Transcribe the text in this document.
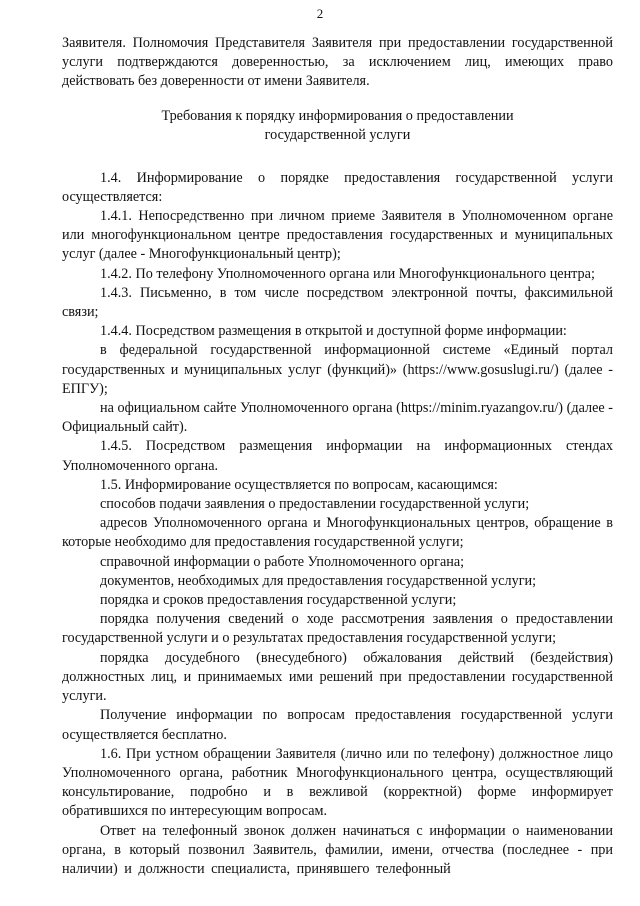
2

Заявителя. Полномочия Представителя Заявителя при предоставлении государственной услуги подтверждаются доверенностью, за исключением лиц, имеющих право действовать без доверенности от имени Заявителя.

Требования к порядку информирования о предоставлении
государственной услуги

1.4. Информирование о порядке предоставления государственной услуги осуществляется:

1.4.1. Непосредственно при личном приеме Заявителя в Уполномоченном органе или многофункциональном центре предоставления государственных и муниципальных услуг (далее - Многофункциональный центр);

1.4.2. По телефону Уполномоченного органа или Многофункционального центра;

1.4.3. Письменно, в том числе посредством электронной почты, факсимильной связи;

1.4.4. Посредством размещения в открытой и доступной форме информации:

в федеральной государственной информационной системе «Единый портал государственных и муниципальных услуг (функций)» (https://www.gosuslugi.ru/) (далее - ЕПГУ);

на официальном сайте Уполномоченного органа (https://minim.ryazangov.ru/) (далее - Официальный сайт).

1.4.5. Посредством размещения информации на информационных стендах Уполномоченного органа.

1.5. Информирование осуществляется по вопросам, касающимся:

способов подачи заявления о предоставлении государственной услуги;

адресов Уполномоченного органа и Многофункциональных центров, обращение в которые необходимо для предоставления государственной услуги;

справочной информации о работе Уполномоченного органа;

документов, необходимых для предоставления государственной услуги;

порядка и сроков предоставления государственной услуги;

порядка получения сведений о ходе рассмотрения заявления о предоставлении государственной услуги и о результатах предоставления государственной услуги;

порядка досудебного (внесудебного) обжалования действий (бездействия) должностных лиц, и принимаемых ими решений при предоставлении государственной услуги.

Получение информации по вопросам предоставления государственной услуги осуществляется бесплатно.

1.6. При устном обращении Заявителя (лично или по телефону) должностное лицо Уполномоченного органа, работник Многофункционального центра, осуществляющий консультирование, подробно и в вежливой (корректной) форме информирует обратившихся по интересующим вопросам.

Ответ на телефонный звонок должен начинаться с информации о наименовании органа, в который позвонил Заявитель, фамилии, имени, отчества (последнее - при наличии) и должности специалиста, принявшего телефонный
